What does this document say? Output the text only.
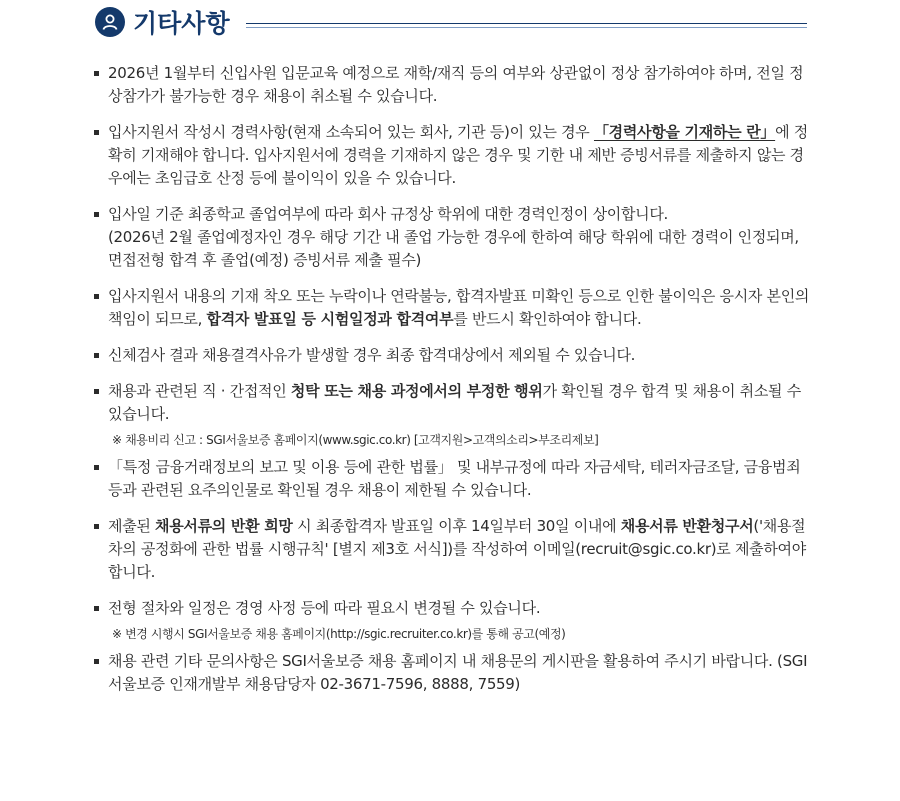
기타사항
2026년 1월부터 신입사원 입문교육 예정으로 재학/재직 등의 여부와 상관없이 정상 참가하여야 하며, 전일 정상참가가 불가능한 경우 채용이 취소될 수 있습니다.
입사지원서 작성시 경력사항(현재 소속되어 있는 회사, 기관 등)이 있는 경우 「경력사항을 기재하는 란」에 정확히 기재해야 합니다. 입사지원서에 경력을 기재하지 않은 경우 및 기한 내 제반 증빙서류를 제출하지 않는 경우에는 초임급호 산정 등에 불이익이 있을 수 있습니다.
입사일 기준 최종학교 졸업여부에 따라 회사 규정상 학위에 대한 경력인정이 상이합니다.
(2026년 2월 졸업예정자인 경우 해당 기간 내 졸업 가능한 경우에 한하여 해당 학위에 대한 경력이 인정되며, 면접전형 합격 후 졸업(예정) 증빙서류 제출 필수)
입사지원서 내용의 기재 착오 또는 누락이나 연락불능, 합격자발표 미확인 등으로 인한 불이익은 응시자 본인의 책임이 되므로, 합격자 발표일 등 시험일정과 합격여부를 반드시 확인하여야 합니다.
신체검사 결과 채용결격사유가 발생할 경우 최종 합격대상에서 제외될 수 있습니다.
채용과 관련된 직 · 간접적인 청탁 또는 채용 과정에서의 부정한 행위가 확인될 경우 합격 및 채용이 취소될 수 있습니다.
※ 채용비리 신고 : SGI서울보증 홈페이지(www.sgic.co.kr) [고객지원>고객의소리>부조리제보]
「특정 금융거래정보의 보고 및 이용 등에 관한 법률」 및 내부규정에 따라 자금세탁, 테러자금조달, 금융범죄 등과 관련된 요주의인물로 확인될 경우 채용이 제한될 수 있습니다.
제출된 채용서류의 반환 희망 시 최종합격자 발표일 이후 14일부터 30일 이내에 채용서류 반환청구서('채용절차의 공정화에 관한 법률 시행규칙' [별지 제3호 서식])를 작성하여 이메일(recruit@sgic.co.kr)로 제출하여야 합니다.
전형 절차와 일정은 경영 사정 등에 따라 필요시 변경될 수 있습니다.
※ 변경 시행시 SGI서울보증 채용 홈페이지(http://sgic.recruiter.co.kr)를 통해 공고(예정)
채용 관련 기타 문의사항은 SGI서울보증 채용 홈페이지 내 채용문의 게시판을 활용하여 주시기 바랍니다. (SGI서울보증 인재개발부 채용담당자 02-3671-7596, 8888, 7559)
